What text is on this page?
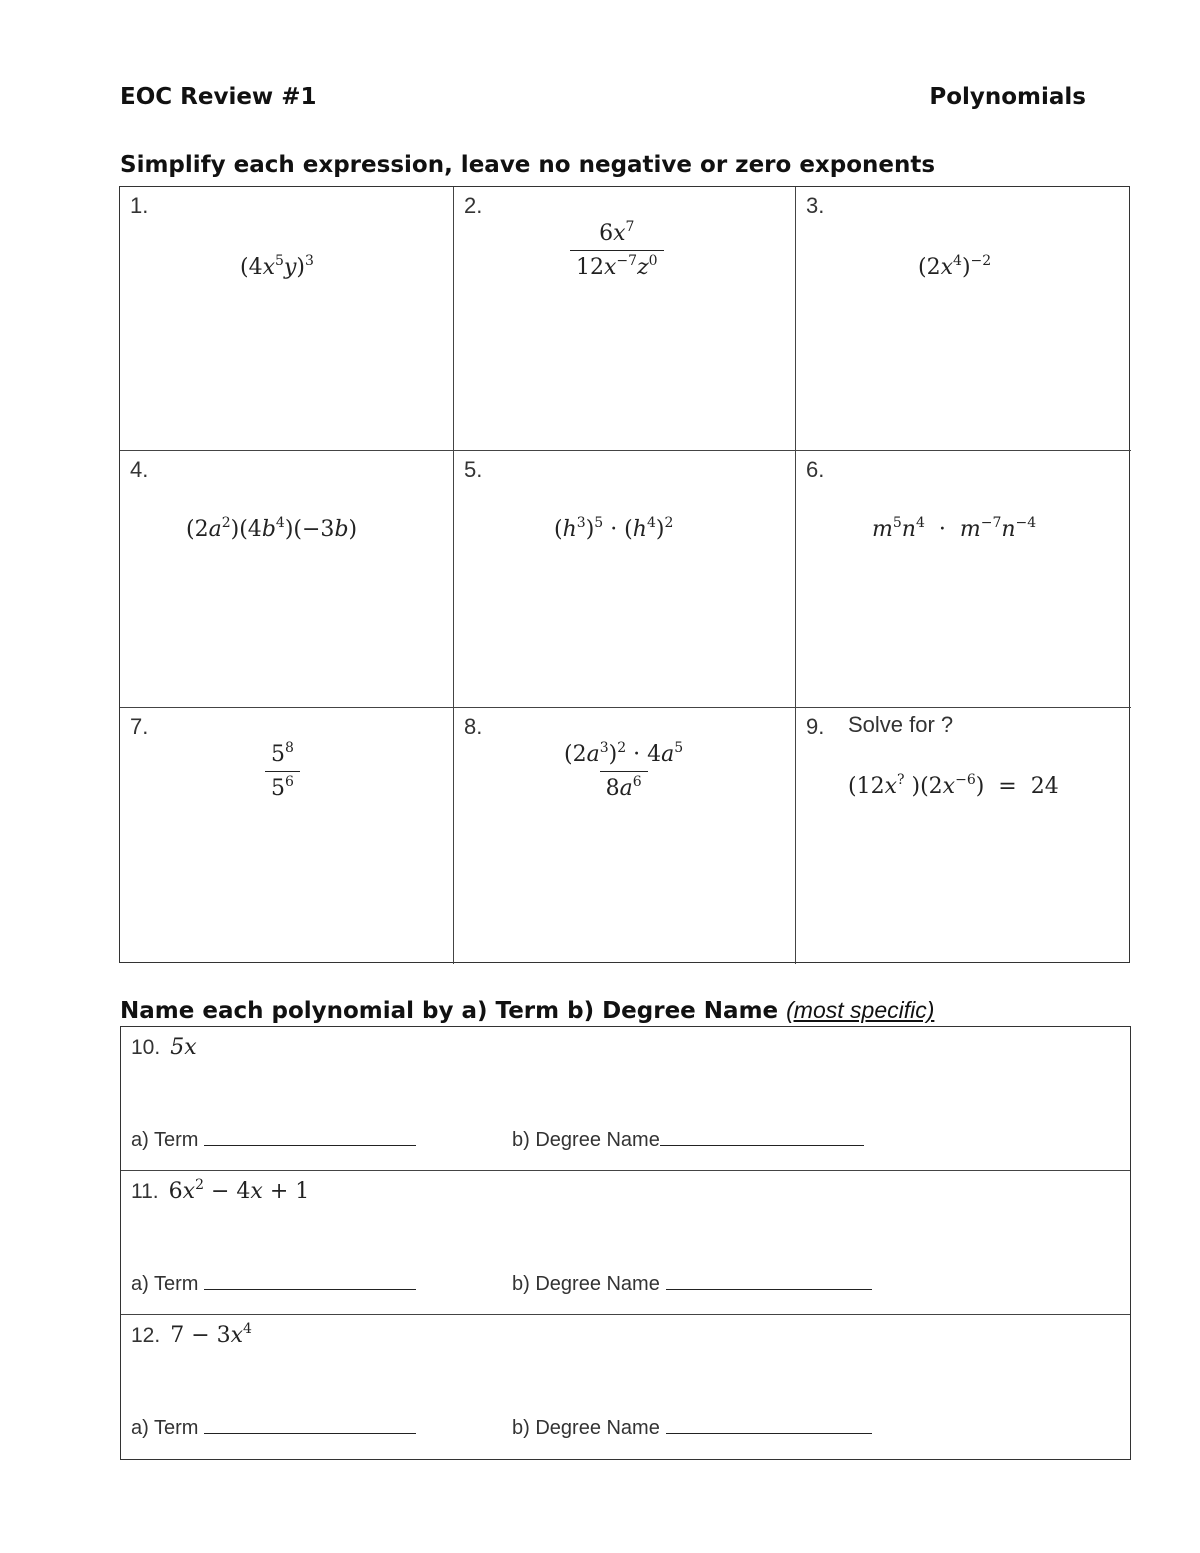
EOC Review #1	Polynomials
Simplify each expression, leave no negative or zero exponents
1.
$(4x^5y)^3$
2.
$\frac{6x^7}{12x^{-7}z^0}$
3.
$(2x^4)^{-2}$
4.
$(2a^2)(4b^4)(-3b)$
5.
$(h^3)^5 \cdot (h^4)^2$
6.
$m^5n^4 \cdot m^{-7}n^{-4}$
7.
$\frac{5^8}{5^6}$
8.
$\frac{(2a^3)^2 \cdot 4a^5}{8a^6}$
9. Solve for ?
(12x? )$(2x^{-6}) = 24$
Name each polynomial by a) Term b) Degree Name (most specific)
10. 5x
a) Term	b) Degree Name
11. $6x^2 - 4x + 1$
a) Term	b) Degree Name
12. $7 - 3x^4$
a) Term	b) Degree Name
